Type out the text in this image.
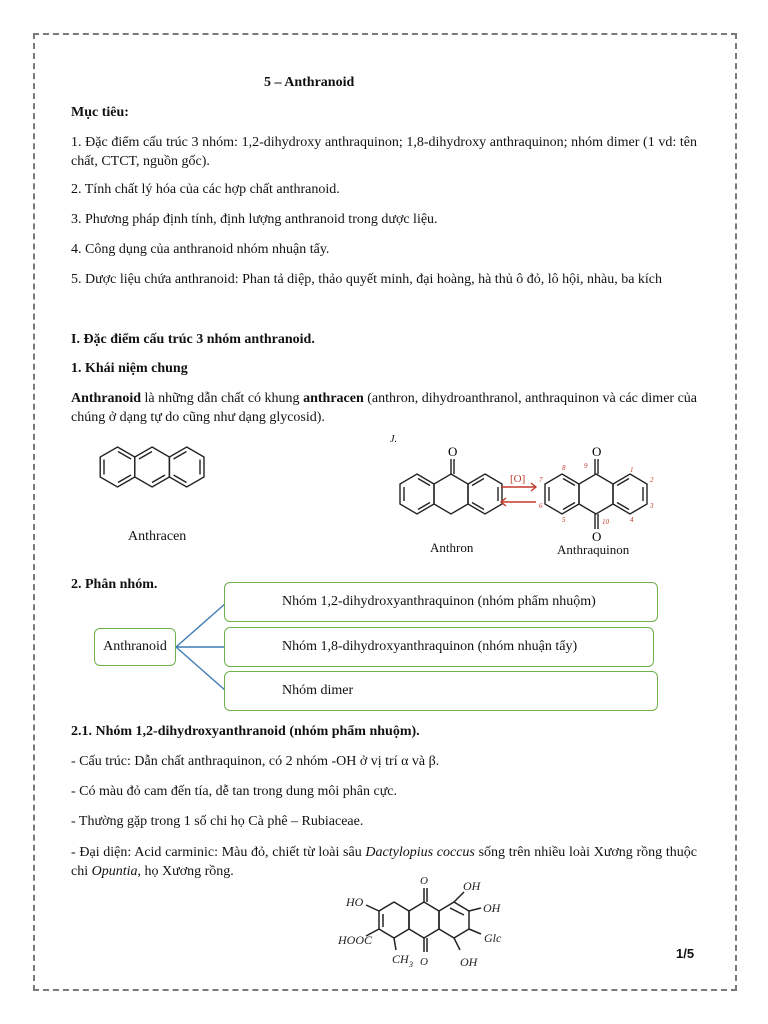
5 – Anthranoid
Mục tiêu:
1. Đặc điểm cấu trúc 3 nhóm: 1,2-dihydroxy anthraquinon; 1,8-dihydroxy anthraquinon; nhóm dimer (1 vd: tên chất, CTCT, nguồn gốc).
2. Tính chất lý hóa của các hợp chất anthranoid.
3. Phương pháp định tính, định lượng anthranoid trong dược liệu.
4. Công dụng của anthranoid nhóm nhuận tẩy.
5. Dược liệu chứa anthranoid: Phan tả diệp, thảo quyết minh, đại hoàng, hà thủ ô đỏ, lô hội, nhàu, ba kích
I. Đặc điểm cấu trúc 3 nhóm anthranoid.
1. Khái niệm chung
Anthranoid là những dẫn chất có khung anthracen (anthron, dihydroanthranol, anthraquinon và các dimer của chúng ở dạng tự do cũng như dạng glycosid).
Anthracen
J.
O	O
O
[O]
1
2
3
4
5
6
7
8	9
10
Anthron	Anthraquinon
2. Phân nhóm.
Anthranoid
Nhóm 1,2-dihydroxyanthraquinon (nhóm phẩm nhuộm)
Nhóm 1,8-dihydroxyanthraquinon (nhóm nhuận tẩy)
Nhóm dimer
2.1. Nhóm 1,2-dihydroxyanthranoid (nhóm phẩm nhuộm).
- Cấu trúc: Dẫn chất anthraquinon, có 2 nhóm -OH ở vị trí α và β.
- Có màu đỏ cam đến tía, dễ tan trong dung môi phân cực.
- Thường gặp trong 1 số chi họ Cà phê – Rubiaceae.
- Đại diện: Acid carminic: Màu đỏ, chiết từ loài sâu Dactylopius coccus sống trên nhiều loài Xương rồng thuộc chi Opuntia, họ Xương rồng.
HO
HOOC
CH 3
O
O
OH
OH
Glc
OH
1/5
